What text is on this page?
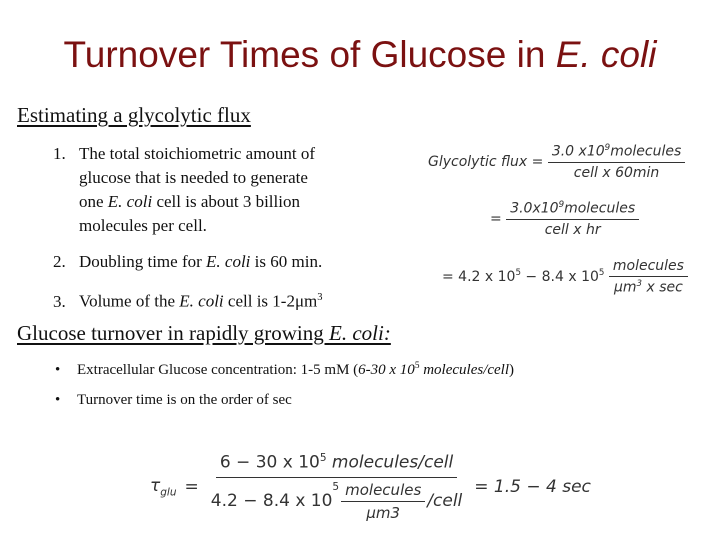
Turnover Times of Glucose in E. coli
Estimating a glycolytic flux
1. The total stoichiometric amount of
glucose that is needed to generate
one E. coli cell is about 3 billion
molecules per cell.
2. Doubling time for E. coli is 60 min.
3. Volume of the E. coli cell is $1-2\mu m^3$
Glycolytic flux = $\frac{3.0 x10^9molecules}{\text{cell x 60min}}$
= $\frac{3.0x10^9molecules}{\text{cell x hr}}$
= 4.2 x $10^5 - 8.4$ x $10^5 \frac{\text{molecules}}{\mu m^3 x \sec}$
Glucose turnover in rapidly growing E. coli:
• Extracellular Glucose concentration: 1-5 mM (6-30 x $10^5$ molecules/cell)
• Turnover time is on the order of sec
$\tau_{glu}$ =
6 − 30 x $10^5$ molecules/cell
4.2 − 8.4 x 10
$^5 \frac{\text{molecules}}{\mu m3}$ /cell
= 1.5 − 4 sec
